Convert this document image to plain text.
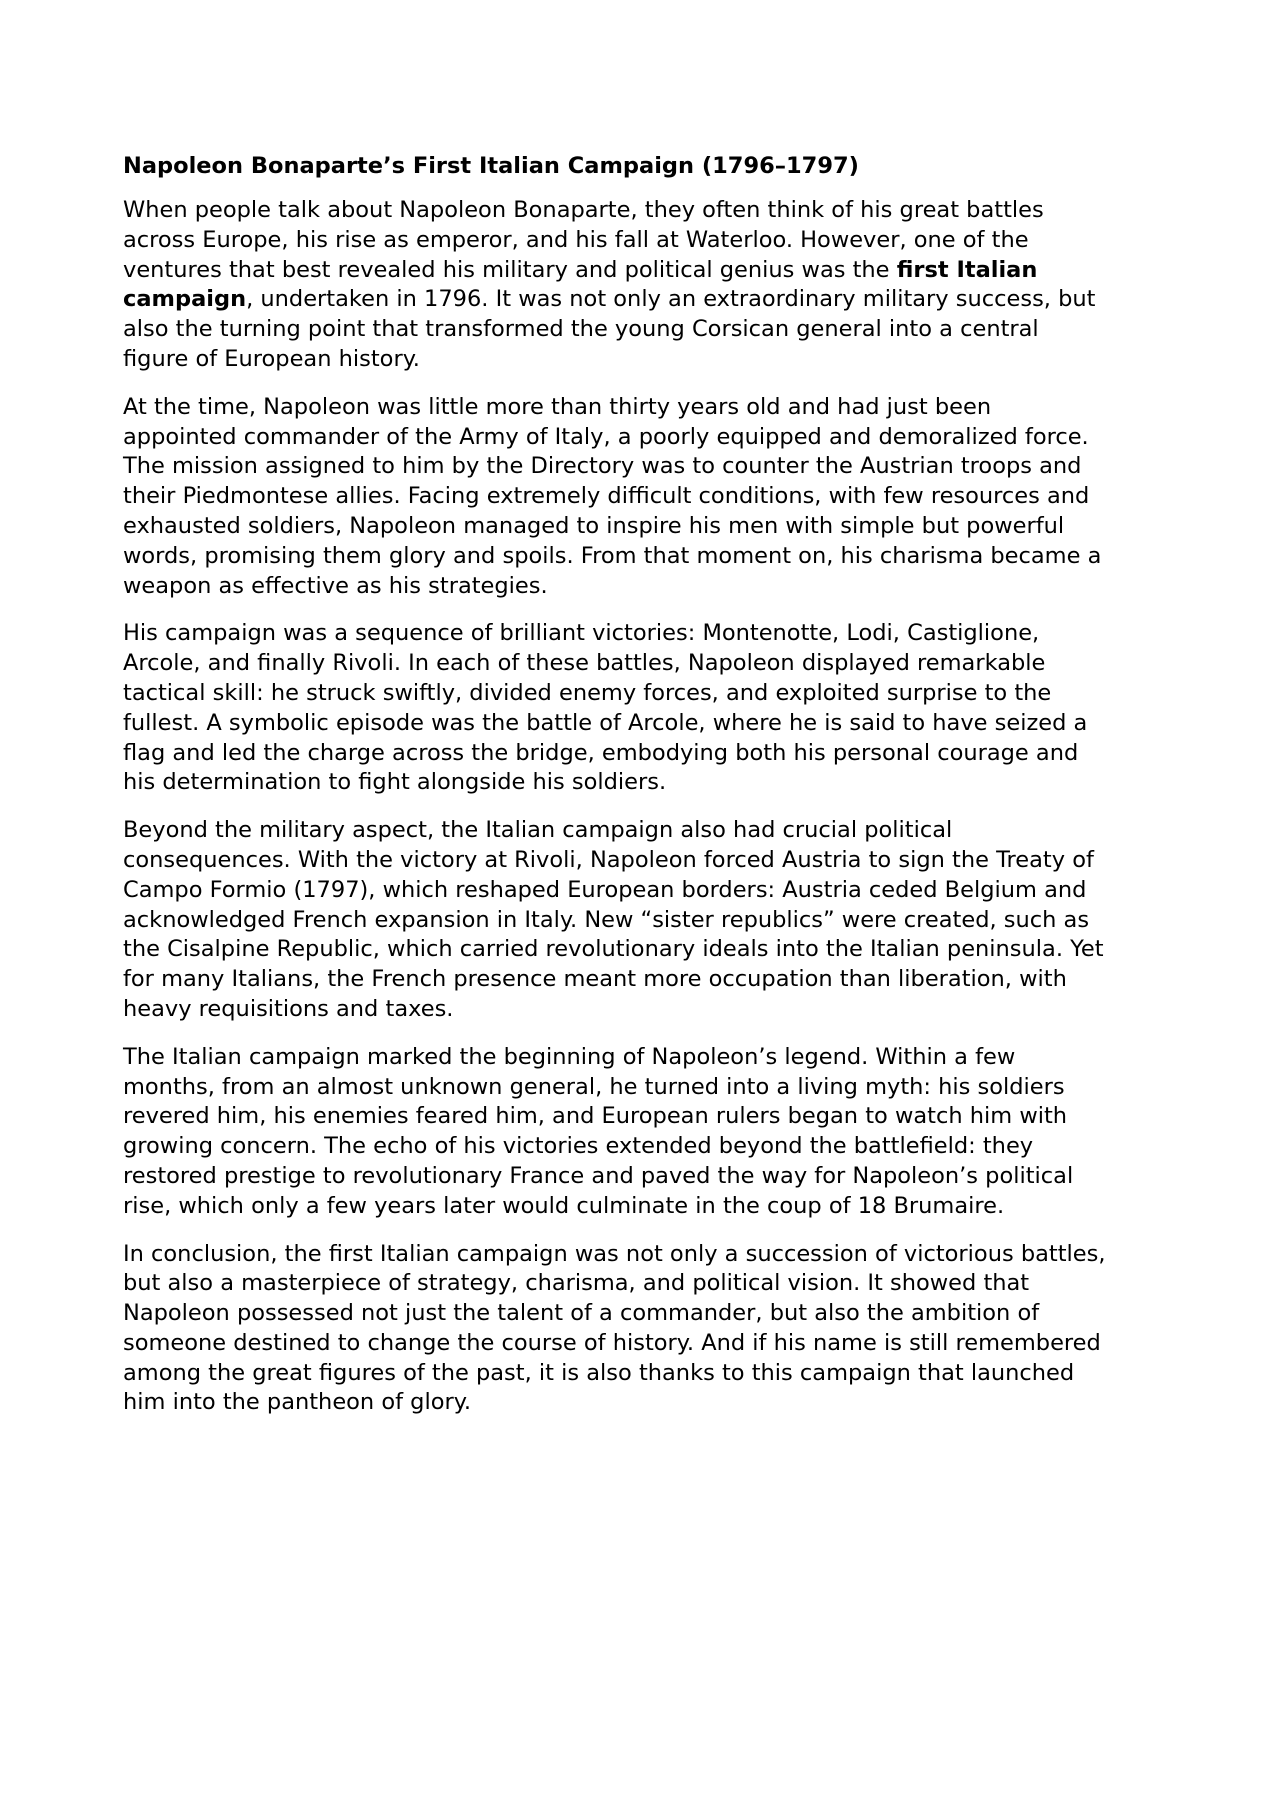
Napoleon Bonaparte’s First Italian Campaign (1796–1797)
When people talk about Napoleon Bonaparte, they often think of his great battles
across Europe, his rise as emperor, and his fall at Waterloo. However, one of the
ventures that best revealed his military and political genius was the first Italian
campaign, undertaken in 1796. It was not only an extraordinary military success, but
also the turning point that transformed the young Corsican general into a central
figure of European history.
At the time, Napoleon was little more than thirty years old and had just been
appointed commander of the Army of Italy, a poorly equipped and demoralized force.
The mission assigned to him by the Directory was to counter the Austrian troops and
their Piedmontese allies. Facing extremely difficult conditions, with few resources and
exhausted soldiers, Napoleon managed to inspire his men with simple but powerful
words, promising them glory and spoils. From that moment on, his charisma became a
weapon as effective as his strategies.
His campaign was a sequence of brilliant victories: Montenotte, Lodi, Castiglione,
Arcole, and finally Rivoli. In each of these battles, Napoleon displayed remarkable
tactical skill: he struck swiftly, divided enemy forces, and exploited surprise to the
fullest. A symbolic episode was the battle of Arcole, where he is said to have seized a
flag and led the charge across the bridge, embodying both his personal courage and
his determination to fight alongside his soldiers.
Beyond the military aspect, the Italian campaign also had crucial political
consequences. With the victory at Rivoli, Napoleon forced Austria to sign the Treaty of
Campo Formio (1797), which reshaped European borders: Austria ceded Belgium and
acknowledged French expansion in Italy. New “sister republics” were created, such as
the Cisalpine Republic, which carried revolutionary ideals into the Italian peninsula. Yet
for many Italians, the French presence meant more occupation than liberation, with
heavy requisitions and taxes.
The Italian campaign marked the beginning of Napoleon’s legend. Within a few
months, from an almost unknown general, he turned into a living myth: his soldiers
revered him, his enemies feared him, and European rulers began to watch him with
growing concern. The echo of his victories extended beyond the battlefield: they
restored prestige to revolutionary France and paved the way for Napoleon’s political
rise, which only a few years later would culminate in the coup of 18 Brumaire.
In conclusion, the first Italian campaign was not only a succession of victorious battles,
but also a masterpiece of strategy, charisma, and political vision. It showed that
Napoleon possessed not just the talent of a commander, but also the ambition of
someone destined to change the course of history. And if his name is still remembered
among the great figures of the past, it is also thanks to this campaign that launched
him into the pantheon of glory.
